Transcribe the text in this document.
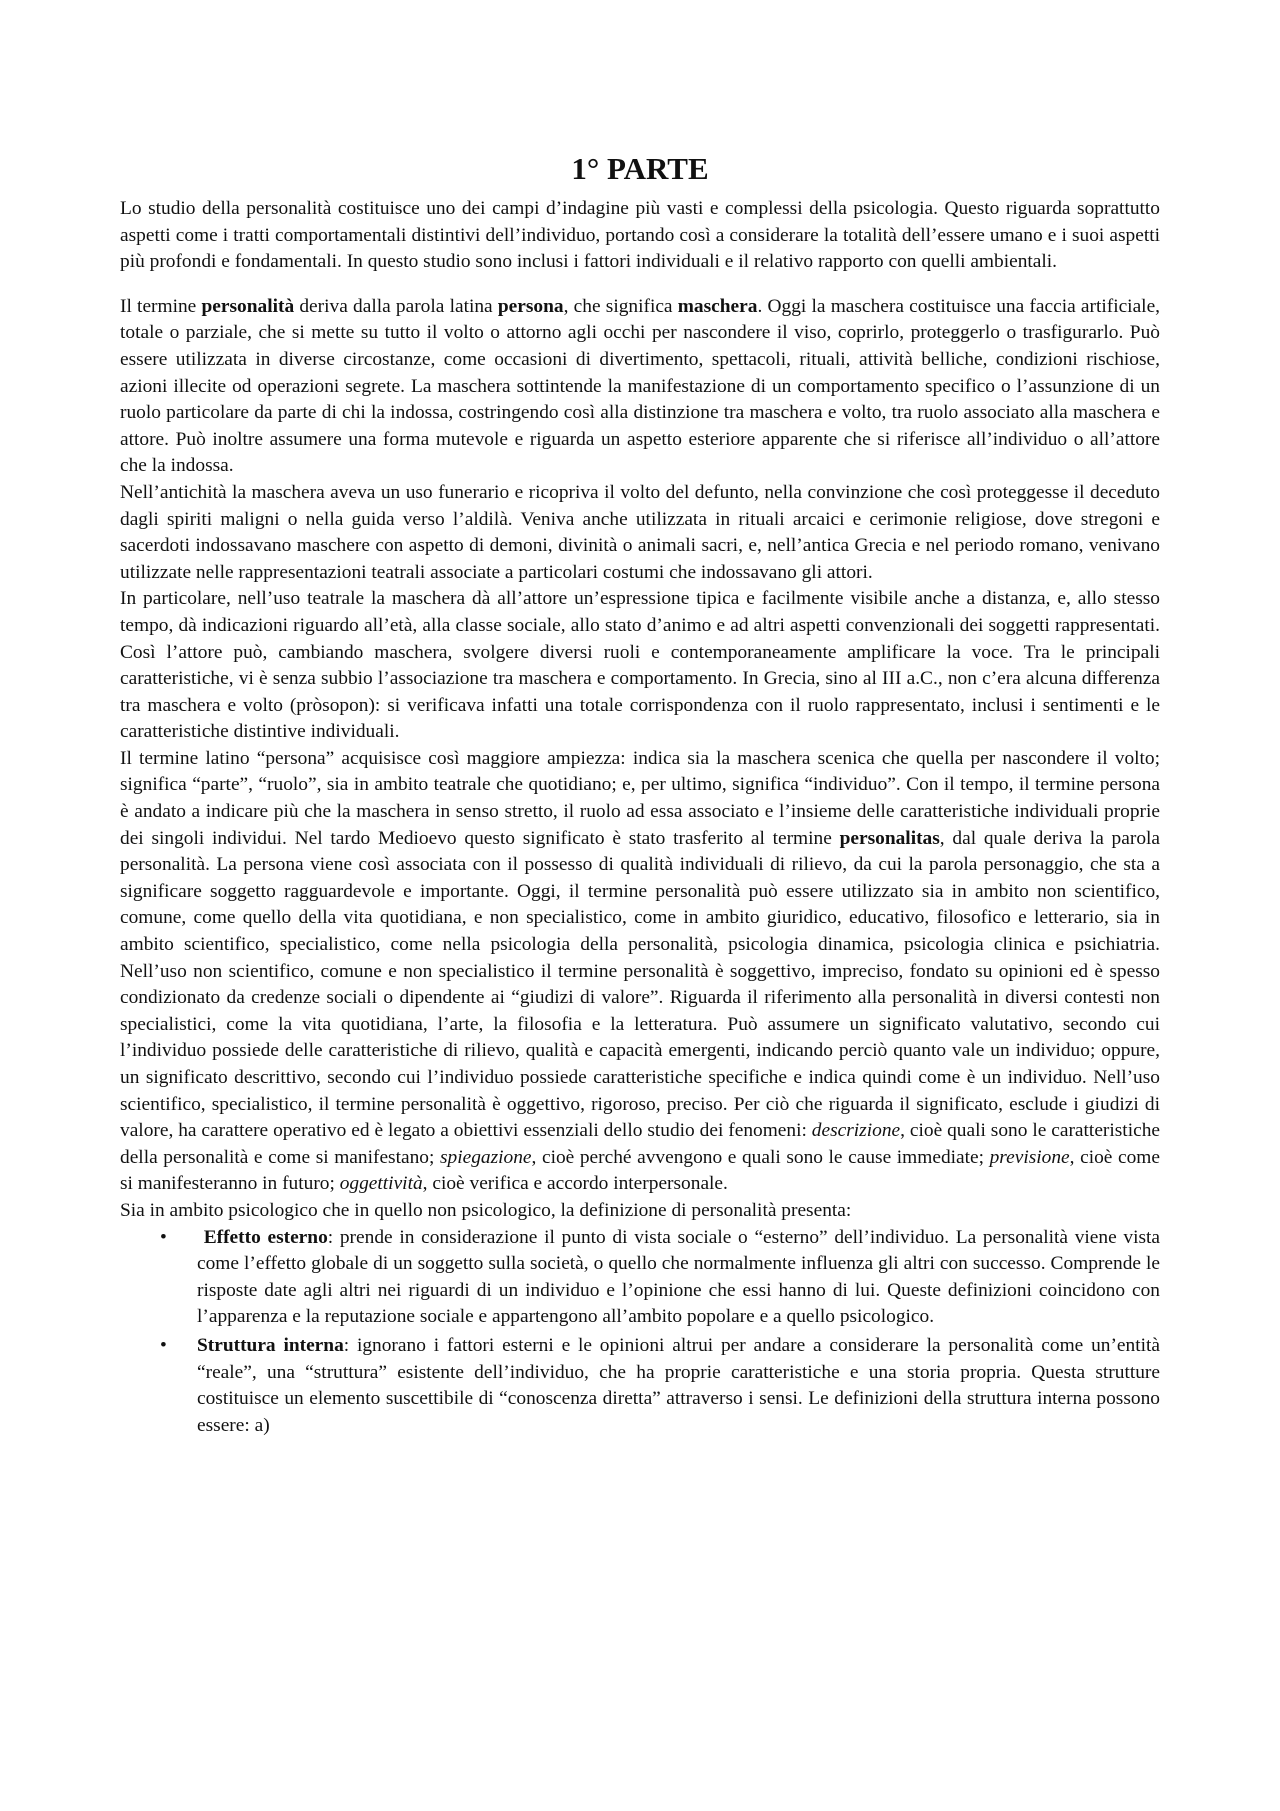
1° PARTE

Lo studio della personalità costituisce uno dei campi d’indagine più vasti e complessi della psicologia. Questo riguarda soprattutto aspetti come i tratti comportamentali distintivi dell’individuo, portando così a considerare la totalità dell’essere umano e i suoi aspetti più profondi e fondamentali. In questo studio sono inclusi i fattori individuali e il relativo rapporto con quelli ambientali.

Il termine personalità deriva dalla parola latina persona, che significa maschera. Oggi la maschera costituisce una faccia artificiale, totale o parziale, che si mette su tutto il volto o attorno agli occhi per nascondere il viso, coprirlo, proteggerlo o trasfigurarlo. Può essere utilizzata in diverse circostanze, come occasioni di divertimento, spettacoli, rituali, attività belliche, condizioni rischiose, azioni illecite od operazioni segrete. La maschera sottintende la manifestazione di un comportamento specifico o l’assunzione di un ruolo particolare da parte di chi la indossa, costringendo così alla distinzione tra maschera e volto, tra ruolo associato alla maschera e attore. Può inoltre assumere una forma mutevole e riguarda un aspetto esteriore apparente che si riferisce all’individuo o all’attore che la indossa.

Nell’antichità la maschera aveva un uso funerario e ricopriva il volto del defunto, nella convinzione che così proteggesse il deceduto dagli spiriti maligni o nella guida verso l’aldilà. Veniva anche utilizzata in rituali arcaici e cerimonie religiose, dove stregoni e sacerdoti indossavano maschere con aspetto di demoni, divinità o animali sacri, e, nell’antica Grecia e nel periodo romano, venivano utilizzate nelle rappresentazioni teatrali associate a particolari costumi che indossavano gli attori.

In particolare, nell’uso teatrale la maschera dà all’attore un’espressione tipica e facilmente visibile anche a distanza, e, allo stesso tempo, dà indicazioni riguardo all’età, alla classe sociale, allo stato d’animo e ad altri aspetti convenzionali dei soggetti rappresentati. Così l’attore può, cambiando maschera, svolgere diversi ruoli e contemporaneamente amplificare la voce. Tra le principali caratteristiche, vi è senza subbio l’associazione tra maschera e comportamento. In Grecia, sino al III a.C., non c’era alcuna differenza tra maschera e volto (pròsopon): si verificava infatti una totale corrispondenza con il ruolo rappresentato, inclusi i sentimenti e le caratteristiche distintive individuali.

Il termine latino “persona” acquisisce così maggiore ampiezza: indica sia la maschera scenica che quella per nascondere il volto; significa “parte”, “ruolo”, sia in ambito teatrale che quotidiano; e, per ultimo, significa “individuo”. Con il tempo, il termine persona è andato a indicare più che la maschera in senso stretto, il ruolo ad essa associato e l’insieme delle caratteristiche individuali proprie dei singoli individui. Nel tardo Medioevo questo significato è stato trasferito al termine personalitas, dal quale deriva la parola personalità. La persona viene così associata con il possesso di qualità individuali di rilievo, da cui la parola personaggio, che sta a significare soggetto ragguardevole e importante. Oggi, il termine personalità può essere utilizzato sia in ambito non scientifico, comune, come quello della vita quotidiana, e non specialistico, come in ambito giuridico, educativo, filosofico e letterario, sia in ambito scientifico, specialistico, come nella psicologia della personalità, psicologia dinamica, psicologia clinica e psichiatria. Nell’uso non scientifico, comune e non specialistico il termine personalità è soggettivo, impreciso, fondato su opinioni ed è spesso condizionato da credenze sociali o dipendente ai “giudizi di valore”. Riguarda il riferimento alla personalità in diversi contesti non specialistici, come la vita quotidiana, l’arte, la filosofia e la letteratura. Può assumere un significato valutativo, secondo cui l’individuo possiede delle caratteristiche di rilievo, qualità e capacità emergenti, indicando perciò quanto vale un individuo; oppure, un significato descrittivo, secondo cui l’individuo possiede caratteristiche specifiche e indica quindi come è un individuo. Nell’uso scientifico, specialistico, il termine personalità è oggettivo, rigoroso, preciso. Per ciò che riguarda il significato, esclude i giudizi di valore, ha carattere operativo ed è legato a obiettivi essenziali dello studio dei fenomeni: descrizione, cioè quali sono le caratteristiche della personalità e come si manifestano; spiegazione, cioè perché avvengono e quali sono le cause immediate; previsione, cioè come si manifesteranno in futuro; oggettività, cioè verifica e accordo interpersonale.

Sia in ambito psicologico che in quello non psicologico, la definizione di personalità presenta:

• Effetto esterno: prende in considerazione il punto di vista sociale o “esterno” dell’individuo. La personalità viene vista come l’effetto globale di un soggetto sulla società, o quello che normalmente influenza gli altri con successo. Comprende le risposte date agli altri nei riguardi di un individuo e l’opinione che essi hanno di lui. Queste definizioni coincidono con l’apparenza e la reputazione sociale e appartengono all’ambito popolare e a quello psicologico.
• Struttura interna: ignorano i fattori esterni e le opinioni altrui per andare a considerare la personalità come un’entità “reale”, una “struttura” esistente dell’individuo, che ha proprie caratteristiche e una storia propria. Questa strutture costituisce un elemento suscettibile di “conoscenza diretta” attraverso i sensi. Le definizioni della struttura interna possono essere: a)
